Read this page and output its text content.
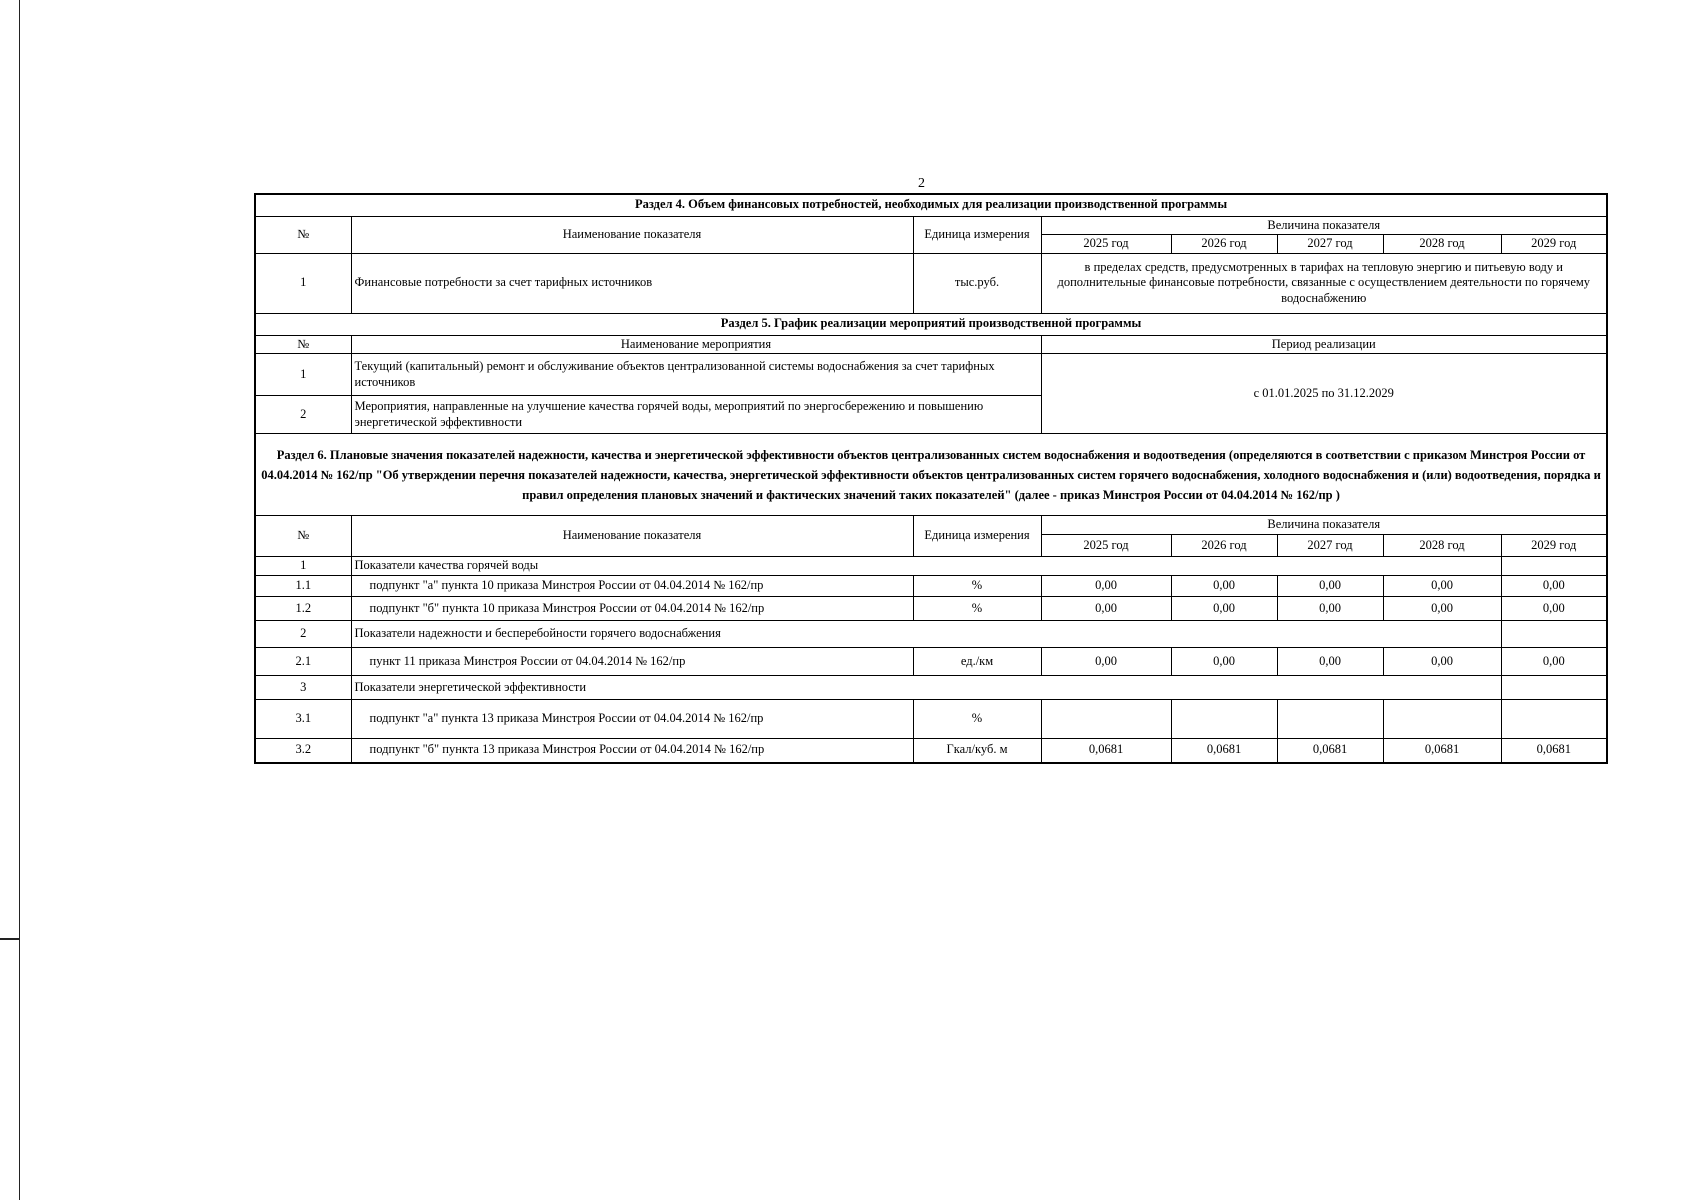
2
Раздел 4. Объем финансовых потребностей, необходимых для реализации производственной программы							
№	Наименование показателя	Единица измерения	Величина показателя				
			2025 год	2026 год	2027 год	2028 год	2029 год
1	Финансовые потребности за счет тарифных источников	тыс.руб.	в пределах средств, предусмотренных в тарифах на тепловую энергию и питьевую воду и дополнительные финансовые потребности, связанные с осуществлением деятельности по горячему водоснабжению				
Раздел 5. График реализации мероприятий производственной программы							
№	Наименование мероприятия		Период реализации				
1	Текущий (капитальный) ремонт и обслуживание объектов централизованной системы водоснабжения за счет тарифных источников		с 01.01.2025 по 31.12.2029				
2	Мероприятия, направленные на улучшение качества горячей воды, мероприятий по энергосбережению и повышению энергетической эффективности						
Раздел 6. Плановые значения показателей надежности, качества и энергетической эффективности объектов централизованных систем водоснабжения и водоотведения (определяются в соответствии с приказом Минстроя России от 04.04.2014 № 162/пр "Об утверждении перечня показателей надежности, качества, энергетической эффективности объектов централизованных систем горячего водоснабжения, холодного водоснабжения и (или) водоотведения, порядка и правил определения плановых значений и фактических значений таких показателей" (далее - приказ Минстроя России от 04.04.2014 № 162/пр )							
№	Наименование показателя	Единица измерения	Величина показателя				
			2025 год	2026 год	2027 год	2028 год	2029 год
1	Показатели качества горячей воды						
1.1	подпункт "а" пункта 10 приказа Минстроя России от 04.04.2014 № 162/пр	%	0,00	0,00	0,00	0,00	0,00
1.2	подпункт "б" пункта 10 приказа Минстроя России от 04.04.2014 № 162/пр	%	0,00	0,00	0,00	0,00	0,00
2	Показатели надежности и бесперебойности горячего водоснабжения						
2.1	пункт 11 приказа Минстроя России от 04.04.2014 № 162/пр	ед./км	0,00	0,00	0,00	0,00	0,00
3	Показатели энергетической эффективности						
3.1	подпункт "а" пункта 13 приказа Минстроя России от 04.04.2014 № 162/пр	%					
3.2	подпункт "б" пункта 13 приказа Минстроя России от 04.04.2014 № 162/пр	Гкал/куб. м	0,0681	0,0681	0,0681	0,0681	0,0681
